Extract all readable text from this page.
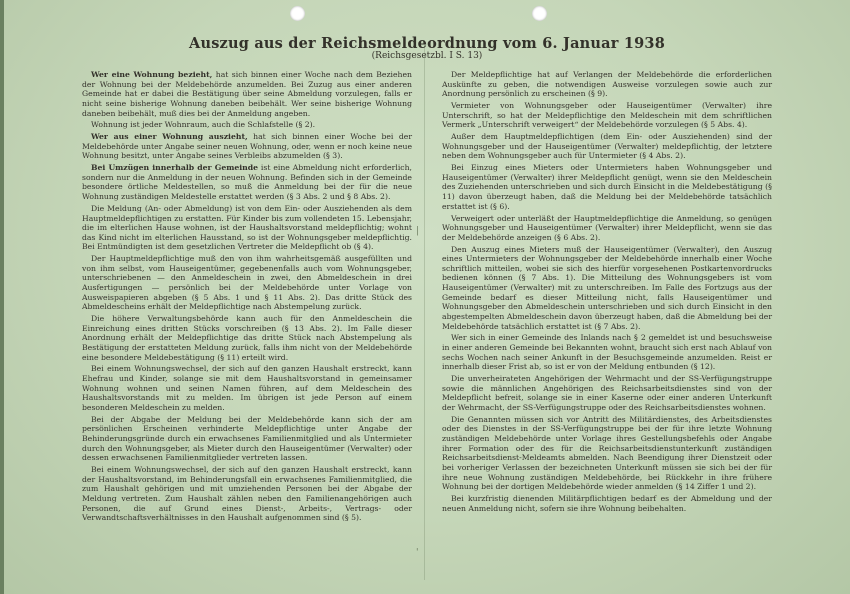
Auszug aus der Reichsmeldeordnung vom 6. Januar 1938
(Reichsgesetzbl. I S. 13)

Wer eine Wohnung bezieht, hat sich binnen einer Woche nach dem Beziehen der Wohnung bei der Meldebehörde anzumelden. Bei Zuzug aus einer anderen Gemeinde hat er dabei die Bestätigung über seine Abmeldung vorzulegen, falls er nicht seine bisherige Wohnung daneben beibehält. Wer seine bisherige Wohnung daneben beibehält, muß dies bei der Anmeldung angeben.

Wohnung ist jeder Wohnraum, auch die Schlafstelle (§ 2).

Wer aus einer Wohnung auszieht, hat sich binnen einer Woche bei der Meldebehörde unter Angabe seiner neuen Wohnung, oder, wenn er noch keine neue Wohnung besitzt, unter Angabe seines Verbleibs abzumelden (§ 3).

Bei Umzügen innerhalb der Gemeinde ist eine Abmeldung nicht erforderlich, sondern nur die Anmeldung in der neuen Wohnung. Befinden sich in der Gemeinde besondere örtliche Meldestellen, so muß die Anmeldung bei der für die neue Wohnung zuständigen Meldestelle erstattet werden (§ 3 Abs. 2 und § 8 Abs. 2).

Die Meldung (An- oder Abmeldung) ist von dem Ein- oder Ausziehenden als dem Hauptmeldepflichtigen zu erstatten. Für Kinder bis zum vollendeten 15. Lebensjahr, die im elterlichen Hause wohnen, ist der Haushaltsvorstand meldepflichtig; wohnt das Kind nicht im elterlichen Hausstand, so ist der Wohnungsgeber meldepflichtig. Bei Entmündigten ist dem gesetzlichen Vertreter die Meldepflicht ob (§ 4).

Der Hauptmeldepflichtige muß den von ihm wahrheitsgemäß ausgefüllten und von ihm selbst, vom Hauseigentümer, gegebenenfalls auch vom Wohnungsgeber, unterschriebenen — den Anmeldeschein in zwei, den Abmeldeschein in drei Ausfertigungen — persönlich bei der Meldebehörde unter Vorlage von Ausweispapieren abgeben (§ 5 Abs. 1 und § 11 Abs. 2). Das dritte Stück des Abmeldescheins erhält der Meldepflichtige nach Abstempelung zurück.

Die höhere Verwaltungsbehörde kann auch für den Anmeldeschein die Einreichung eines dritten Stücks vorschreiben (§ 13 Abs. 2). Im Falle dieser Anordnung erhält der Meldepflichtige das dritte Stück nach Abstempelung als Bestätigung der erstatteten Meldung zurück, falls ihm nicht von der Meldebehörde eine besondere Meldebestätigung (§ 11) erteilt wird.

Bei einem Wohnungswechsel, der sich auf den ganzen Haushalt erstreckt, kann Ehefrau und Kinder, solange sie mit dem Haushaltsvorstand in gemeinsamer Wohnung wohnen und seinen Namen führen, auf dem Meldeschein des Haushaltsvorstands mit zu melden. Im übrigen ist jede Person auf einem besonderen Meldeschein zu melden.

Bei der Abgabe der Meldung bei der Meldebehörde kann sich der am persönlichen Erscheinen verhinderte Meldepflichtige unter Angabe der Behinderungsgründe durch ein erwachsenes Familienmitglied und als Untermieter durch den Wohnungsgeber, als Mieter durch den Hauseigentümer (Verwalter) oder dessen erwachsenen Familienmitglieder vertreten lassen.

Bei einem Wohnungswechsel, der sich auf den ganzen Haushalt erstreckt, kann der Haushaltsvorstand, im Behinderungsfall ein erwachsenes Familienmitglied, die zum Haushalt gehörigen und mit umziehenden Personen bei der Abgabe der Meldung vertreten. Zum Haushalt zählen neben den Familienangehörigen auch Personen, die auf Grund eines Dienst-, Arbeits-, Vertrags- oder Verwandtschaftsverhältnisses in den Haushalt aufgenommen sind (§ 5).

Der Meldepflichtige hat auf Verlangen der Meldebehörde die erforderlichen Auskünfte zu geben, die notwendigen Ausweise vorzulegen sowie auch zur Anordnung persönlich zu erscheinen (§ 9).

Vermieter von Wohnungsgeber oder Hauseigentümer (Verwalter) ihre Unterschrift, so hat der Meldepflichtige den Meldeschein mit dem schriftlichen Vermerk „Unterschrift verweigert“ der Meldebehörde vorzulegen (§ 5 Abs. 4).

Außer dem Hauptmeldepflichtigen (dem Ein- oder Ausziehenden) sind der Wohnungsgeber und der Hauseigentümer (Verwalter) meldepflichtig, der letztere neben dem Wohnungsgeber auch für Untermieter (§ 4 Abs. 2).

Bei Einzug eines Mieters oder Untermieters haben Wohnungsgeber und Hauseigentümer (Verwalter) ihrer Meldepflicht genügt, wenn sie den Meldeschein des Zuziehenden unterschrieben und sich durch Einsicht in die Meldebestätigung (§ 11) davon überzeugt haben, daß die Meldung bei der Meldebehörde tatsächlich erstattet ist (§ 6).

Verweigert oder unterläßt der Hauptmeldepflichtige die Anmeldung, so genügen Wohnungsgeber und Hauseigentümer (Verwalter) ihrer Meldepflicht, wenn sie das der Meldebehörde anzeigen (§ 6 Abs. 2).

Den Auszug eines Mieters muß der Hauseigentümer (Verwalter), den Auszug eines Untermieters der Wohnungsgeber der Meldebehörde innerhalb einer Woche schriftlich mitteilen, wobei sie sich des hierfür vorgesehenen Postkartenvordrucks bedienen können (§ 7 Abs. 1). Die Mitteilung des Wohnungsgebers ist vom Hauseigentümer (Verwalter) mit zu unterschreiben. Im Falle des Fortzugs aus der Gemeinde bedarf es dieser Mitteilung nicht, falls Hauseigentümer und Wohnungsgeber den Abmeldeschein unterschrieben und sich durch Einsicht in den abgestempelten Abmeldeschein davon überzeugt haben, daß die Abmeldung bei der Meldebehörde tatsächlich erstattet ist (§ 7 Abs. 2).

Wer sich in einer Gemeinde des Inlands nach § 2 gemeldet ist und besuchsweise in einer anderen Gemeinde bei Bekannten wohnt, braucht sich erst nach Ablauf von sechs Wochen nach seiner Ankunft in der Besuchsgemeinde anzumelden. Reist er innerhalb dieser Frist ab, so ist er von der Meldung entbunden (§ 12).

Die unverheirateten Angehörigen der Wehrmacht und der SS-Verfügungstruppe sowie die männlichen Angehörigen des Reichsarbeitsdienstes sind von der Meldepflicht befreit, solange sie in einer Kaserne oder einer anderen Unterkunft der Wehrmacht, der SS-Verfügungstruppe oder des Reichsarbeitsdienstes wohnen.

Die Genannten müssen sich vor Antritt des Militärdienstes, des Arbeitsdienstes oder des Dienstes in der SS-Verfügungstruppe bei der für ihre letzte Wohnung zuständigen Meldebehörde unter Vorlage ihres Gestellungsbefehls oder Angabe ihrer Formation oder des für die Reichsarbeitsdienstunterkunft zuständigen Reichsarbeitsdienst-Meldeamts abmelden. Nach Beendigung ihrer Dienstzeit oder bei vorheriger Verlassen der bezeichneten Unterkunft müssen sie sich bei der für ihre neue Wohnung zuständigen Meldebehörde, bei Rückkehr in ihre frühere Wohnung bei der dortigen Meldebehörde wieder anmelden (§ 14 Ziffer 1 und 2).

Bei kurzfristig dienenden Militärpflichtigen bedarf es der Abmeldung und der neuen Anmeldung nicht, sofern sie ihre Wohnung beibehalten.

|
'
